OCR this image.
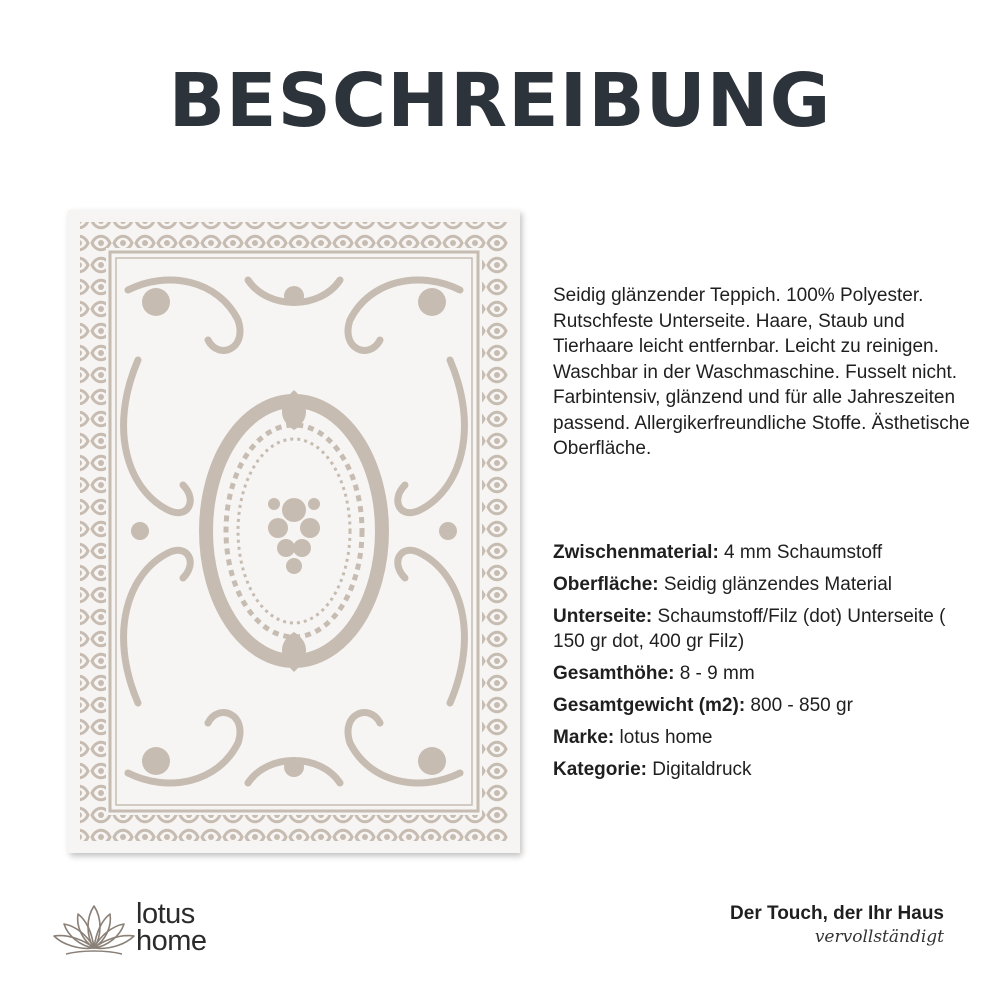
BESCHREIBUNG

Seidig glänzender Teppich. 100% Polyester. Rutschfeste Unterseite. Haare, Staub und Tierhaare leicht entfernbar. Leicht zu reinigen. Waschbar in der Waschmaschine. Fusselt nicht. Farbintensiv, glänzend und für alle Jahreszeiten passend. Allergikerfreundliche Stoffe. Ästhetische Oberfläche.

Zwischenmaterial: 4 mm Schaumstoff

Oberfläche: Seidig glänzendes Material

Unterseite: Schaumstoff/Filz (dot) Unterseite ( 150 gr dot, 400 gr Filz)

Gesamthöhe: 8 - 9 mm

Gesamtgewicht (m2): 800 - 850 gr

Marke: lotus home

Kategorie: Digitaldruck

lotus
home
Der Touch, der Ihr Haus
vervollständigt
